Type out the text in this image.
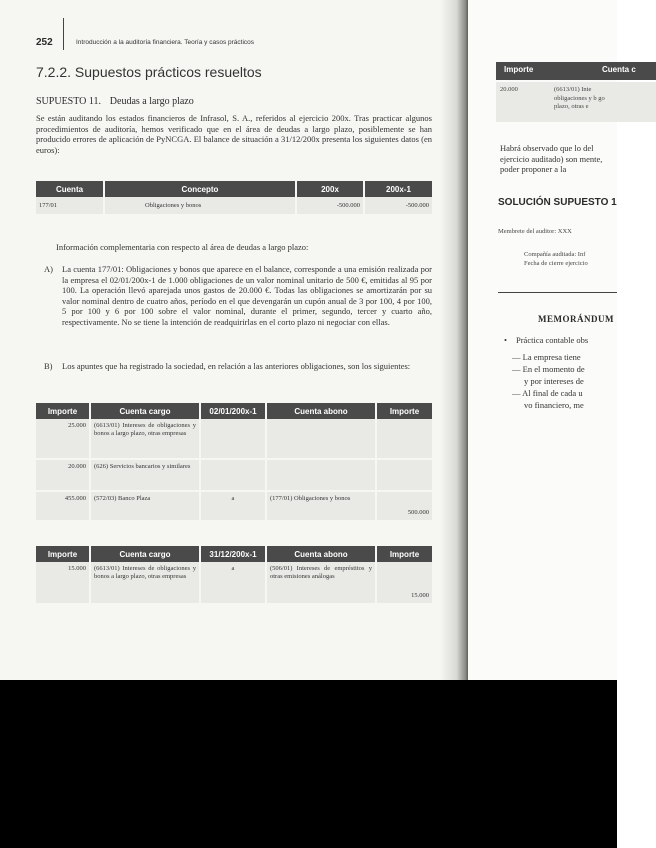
252	Introducción a la auditoría financiera. Teoría y casos prácticos
7.2.2. Supuestos prácticos resueltos
SUPUESTO 11. Deudas a largo plazo
Se están auditando los estados financieros de Infrasol, S. A., referidos al ejercicio 200x. Tras practicar algunos procedimientos de auditoría, hemos verificado que en el área de deudas a largo plazo, posiblemente se han producido errores de aplicación de PyNCGA. El balance de situación a 31/12/200x presenta los siguientes datos (en euros):
Cuenta	Concepto	200x	200x-1
177/01	Obligaciones y bonos	-500.000	-500.000
Información complementaria con respecto al área de deudas a largo plazo:
A) La cuenta 177/01: Obligaciones y bonos que aparece en el balance, corresponde a una emisión realizada por la empresa el 02/01/200x-1 de 1.000 obligaciones de un valor nominal unitario de 500 €, emitidas al 95 por 100. La operación llevó aparejada unos gastos de 20.000 €. Todas las obligaciones se amortizarán por su valor nominal dentro de cuatro años, período en el que devengarán un cupón anual de 3 por 100, 4 por 100, 5 por 100 y 6 por 100 sobre el valor nominal, durante el primer, segundo, tercer y cuarto año, respectivamente. No se tiene la intención de readquirirlas en el corto plazo ni negociar con ellas.
B) Los apuntes que ha registrado la sociedad, en relación a las anteriores obligaciones, son los siguientes:
Importe	Cuenta cargo	02/01/200x-1	Cuenta abono	Importe
25.000	(6613/01) Intereses de obligaciones y bonos a largo plazo, otras empresas			
20.000	(626) Servicios bancarios y similares			
455.000	(572/03) Banco Plaza	a	(177/01) Obligaciones y bonos	500.000
Importe	Cuenta cargo	31/12/200x-1	Cuenta abono	Importe
15.000	(6613/01) Intereses de obligaciones y bonos a largo plazo, otras empresas	a	(506/01) Intereses de empréstitos y otras emisiones análogas	15.000
Importe	Cuenta c
20.000	(6613/01) Inte obligaciones y b go plazo, otras e
Habrá observado que lo del ejercicio auditado) son mente, poder proponer a la
SOLUCIÓN SUPUESTO 1
Membrete del auditor: XXX
Compañía auditada: Inf
Fecha de cierre ejercicio
MEMORÁNDUM
• Práctica contable obs
— La empresa tiene
— En el momento de
y por intereses de
— Al final de cada u
vo financiero, me
